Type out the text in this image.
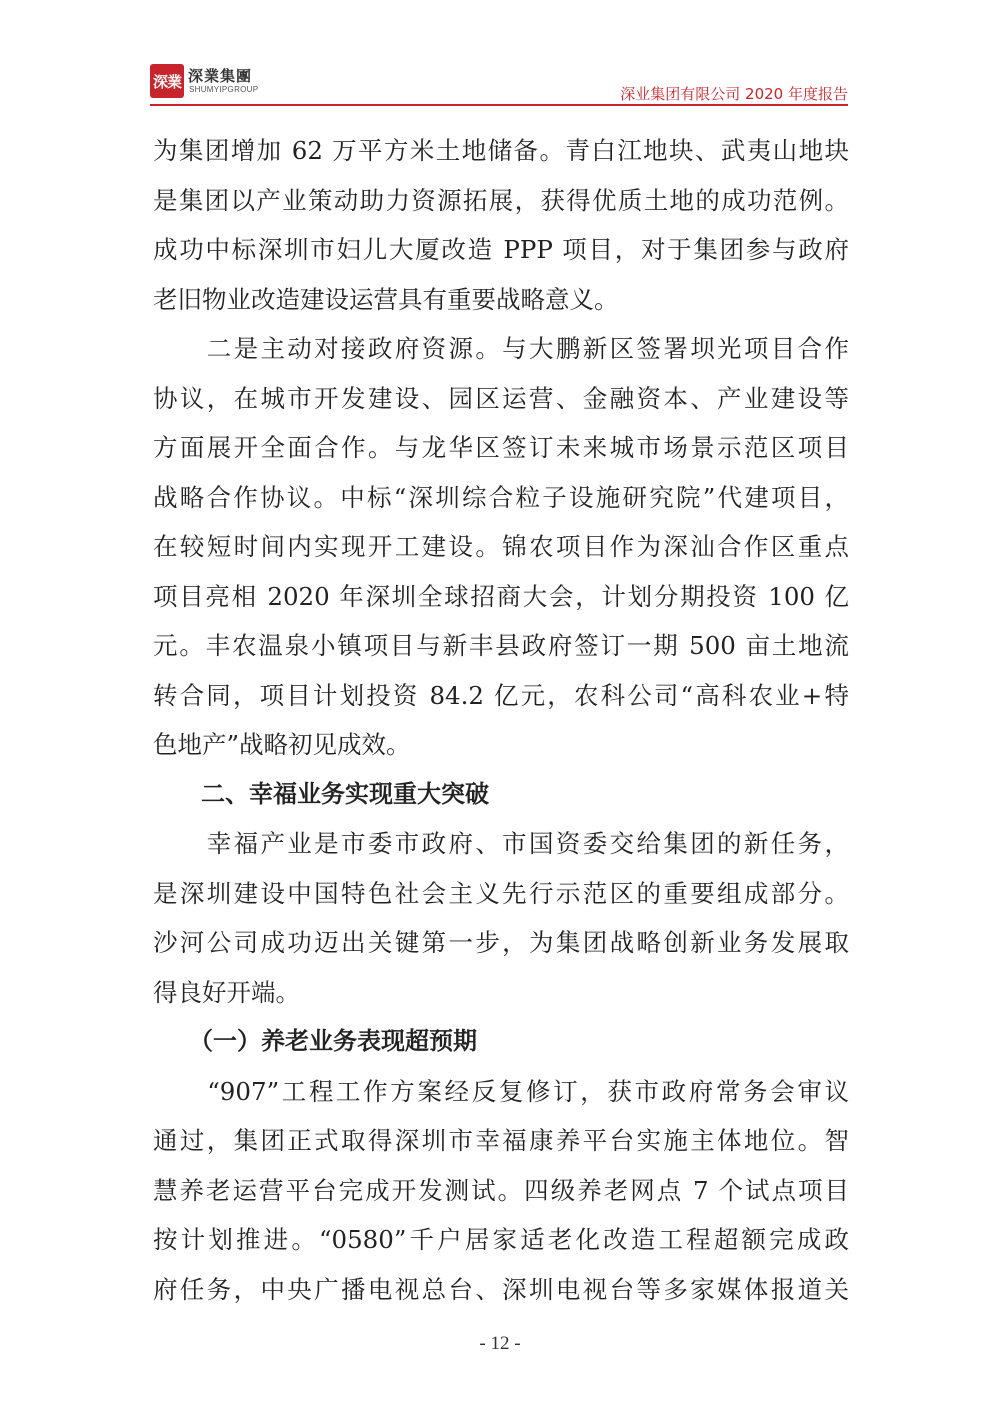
深業 深業集團
SHUMYIPGROUP	深业集团有限公司 2020 年度报告
为集团增加 62 万平方米土地储备。青白江地块、武夷山地块
是集团以产业策动助力资源拓展，获得优质土地的成功范例。
成功中标深圳市妇儿大厦改造 PPP 项目，对于集团参与政府
老旧物业改造建设运营具有重要战略意义。
　　二是主动对接政府资源。与大鹏新区签署坝光项目合作
协议，在城市开发建设、园区运营、金融资本、产业建设等
方面展开全面合作。与龙华区签订未来城市场景示范区项目
战略合作协议。中标“深圳综合粒子设施研究院”代建项目，
在较短时间内实现开工建设。锦农项目作为深汕合作区重点
项目亮相 2020 年深圳全球招商大会，计划分期投资 100 亿
元。丰农温泉小镇项目与新丰县政府签订一期 500 亩土地流
转合同，项目计划投资 84.2 亿元，农科公司“高科农业+特
色地产”战略初见成效。
　　二、幸福业务实现重大突破
　　幸福产业是市委市政府、市国资委交给集团的新任务，
是深圳建设中国特色社会主义先行示范区的重要组成部分。
沙河公司成功迈出关键第一步，为集团战略创新业务发展取
得良好开端。
　　（一）养老业务表现超预期
　　“907”工程工作方案经反复修订，获市政府常务会审议
通过，集团正式取得深圳市幸福康养平台实施主体地位。智
慧养老运营平台完成开发测试。四级养老网点 7 个试点项目
按计划推进。“0580”千户居家适老化改造工程超额完成政
府任务，中央广播电视总台、深圳电视台等多家媒体报道关
- 12 -
